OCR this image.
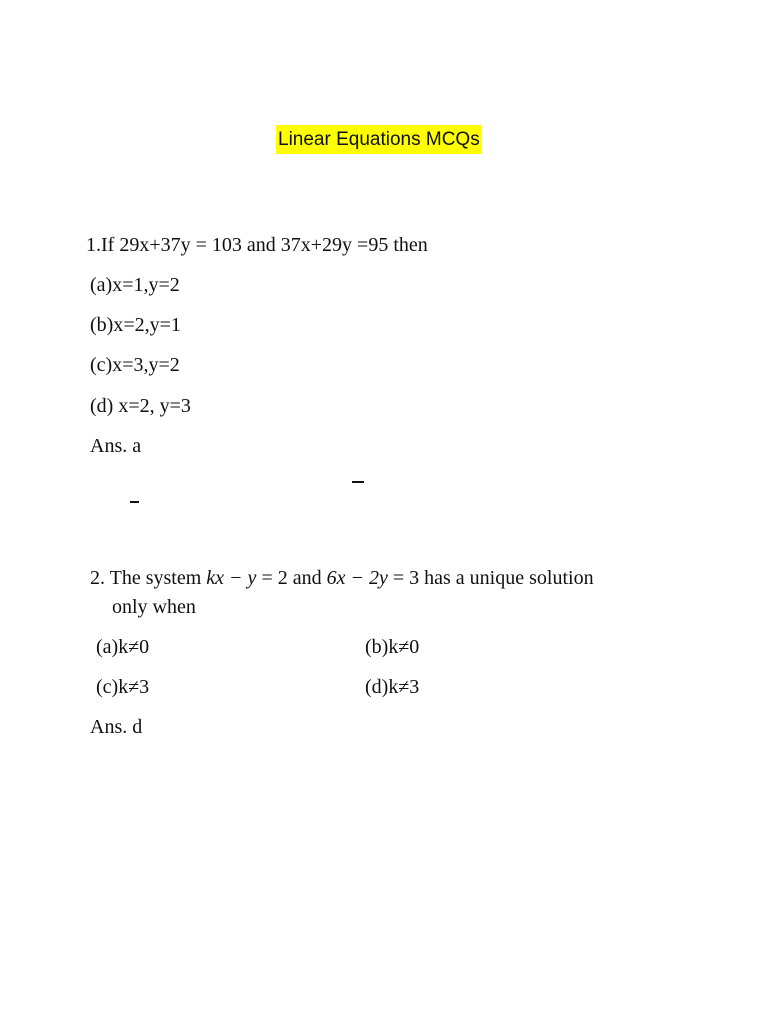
Linear Equations MCQs
1.If 29x+37y = 103 and 37x+29y =95 then
(a)x=1,y=2
(b)x=2,y=1
(c)x=3,y=2
(d) x=2, y=3
Ans. a
2. The system kx − y = 2 and 6x − 2y = 3 has a unique solution
only when
(a)k≠0	(b)k≠0
(c)k≠3	(d)k≠3
Ans. d
